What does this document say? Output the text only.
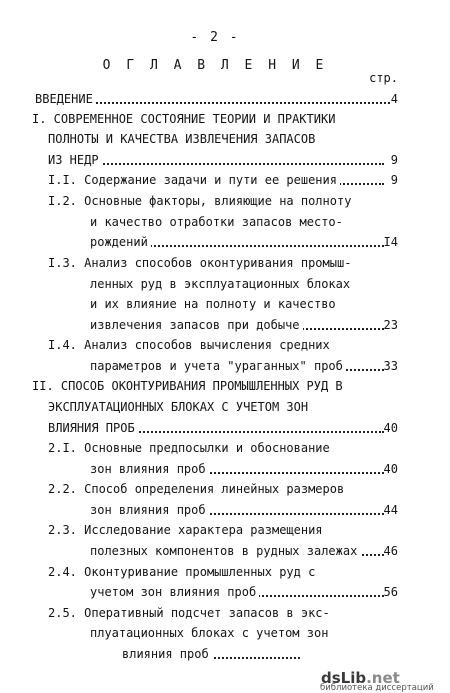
- 2 -
О Г Л А В Л Е Н И Е
стр.
ВВЕДЕНИЕ	4
I. СОВРЕМЕННОЕ СОСТОЯНИЕ ТЕОРИИ И ПРАКТИКИ
ПОЛНОТЫ И КАЧЕСТВА ИЗВЛЕЧЕНИЯ ЗАПАСОВ
ИЗ НЕДР	9
I.I. Содержание задачи и пути ее решения	9
I.2. Основные факторы, влияющие на полноту
и качество отработки запасов место-
рождений	I4
I.3. Анализ способов оконтуривания промыш-
ленных руд в эксплуатационных блоках
и их влияние на полноту и качество
извлечения запасов при добыче	23
I.4. Анализ способов вычисления средних
параметров и учета "ураганных" проб	33
II. СПОСОБ ОКОНТУРИВАНИЯ ПРОМЫШЛЕННЫХ РУД В
ЭКСПЛУАТАЦИОННЫХ БЛОКАХ С УЧЕТОМ ЗОН
ВЛИЯНИЯ ПРОБ	40
2.I. Основные предпосылки и обоснование
зон влияния проб	40
2.2. Способ определения линейных размеров
зон влияния проб	44
2.3. Исследование характера размещения
полезных компонентов в рудных залежах	46
2.4. Оконтуривание промышленных руд с
учетом зон влияния проб	56
2.5. Оперативный подсчет запасов в экс-
плуатационных блоках с учетом зон
влияния проб
dsLib.net
библиотека диссертаций
